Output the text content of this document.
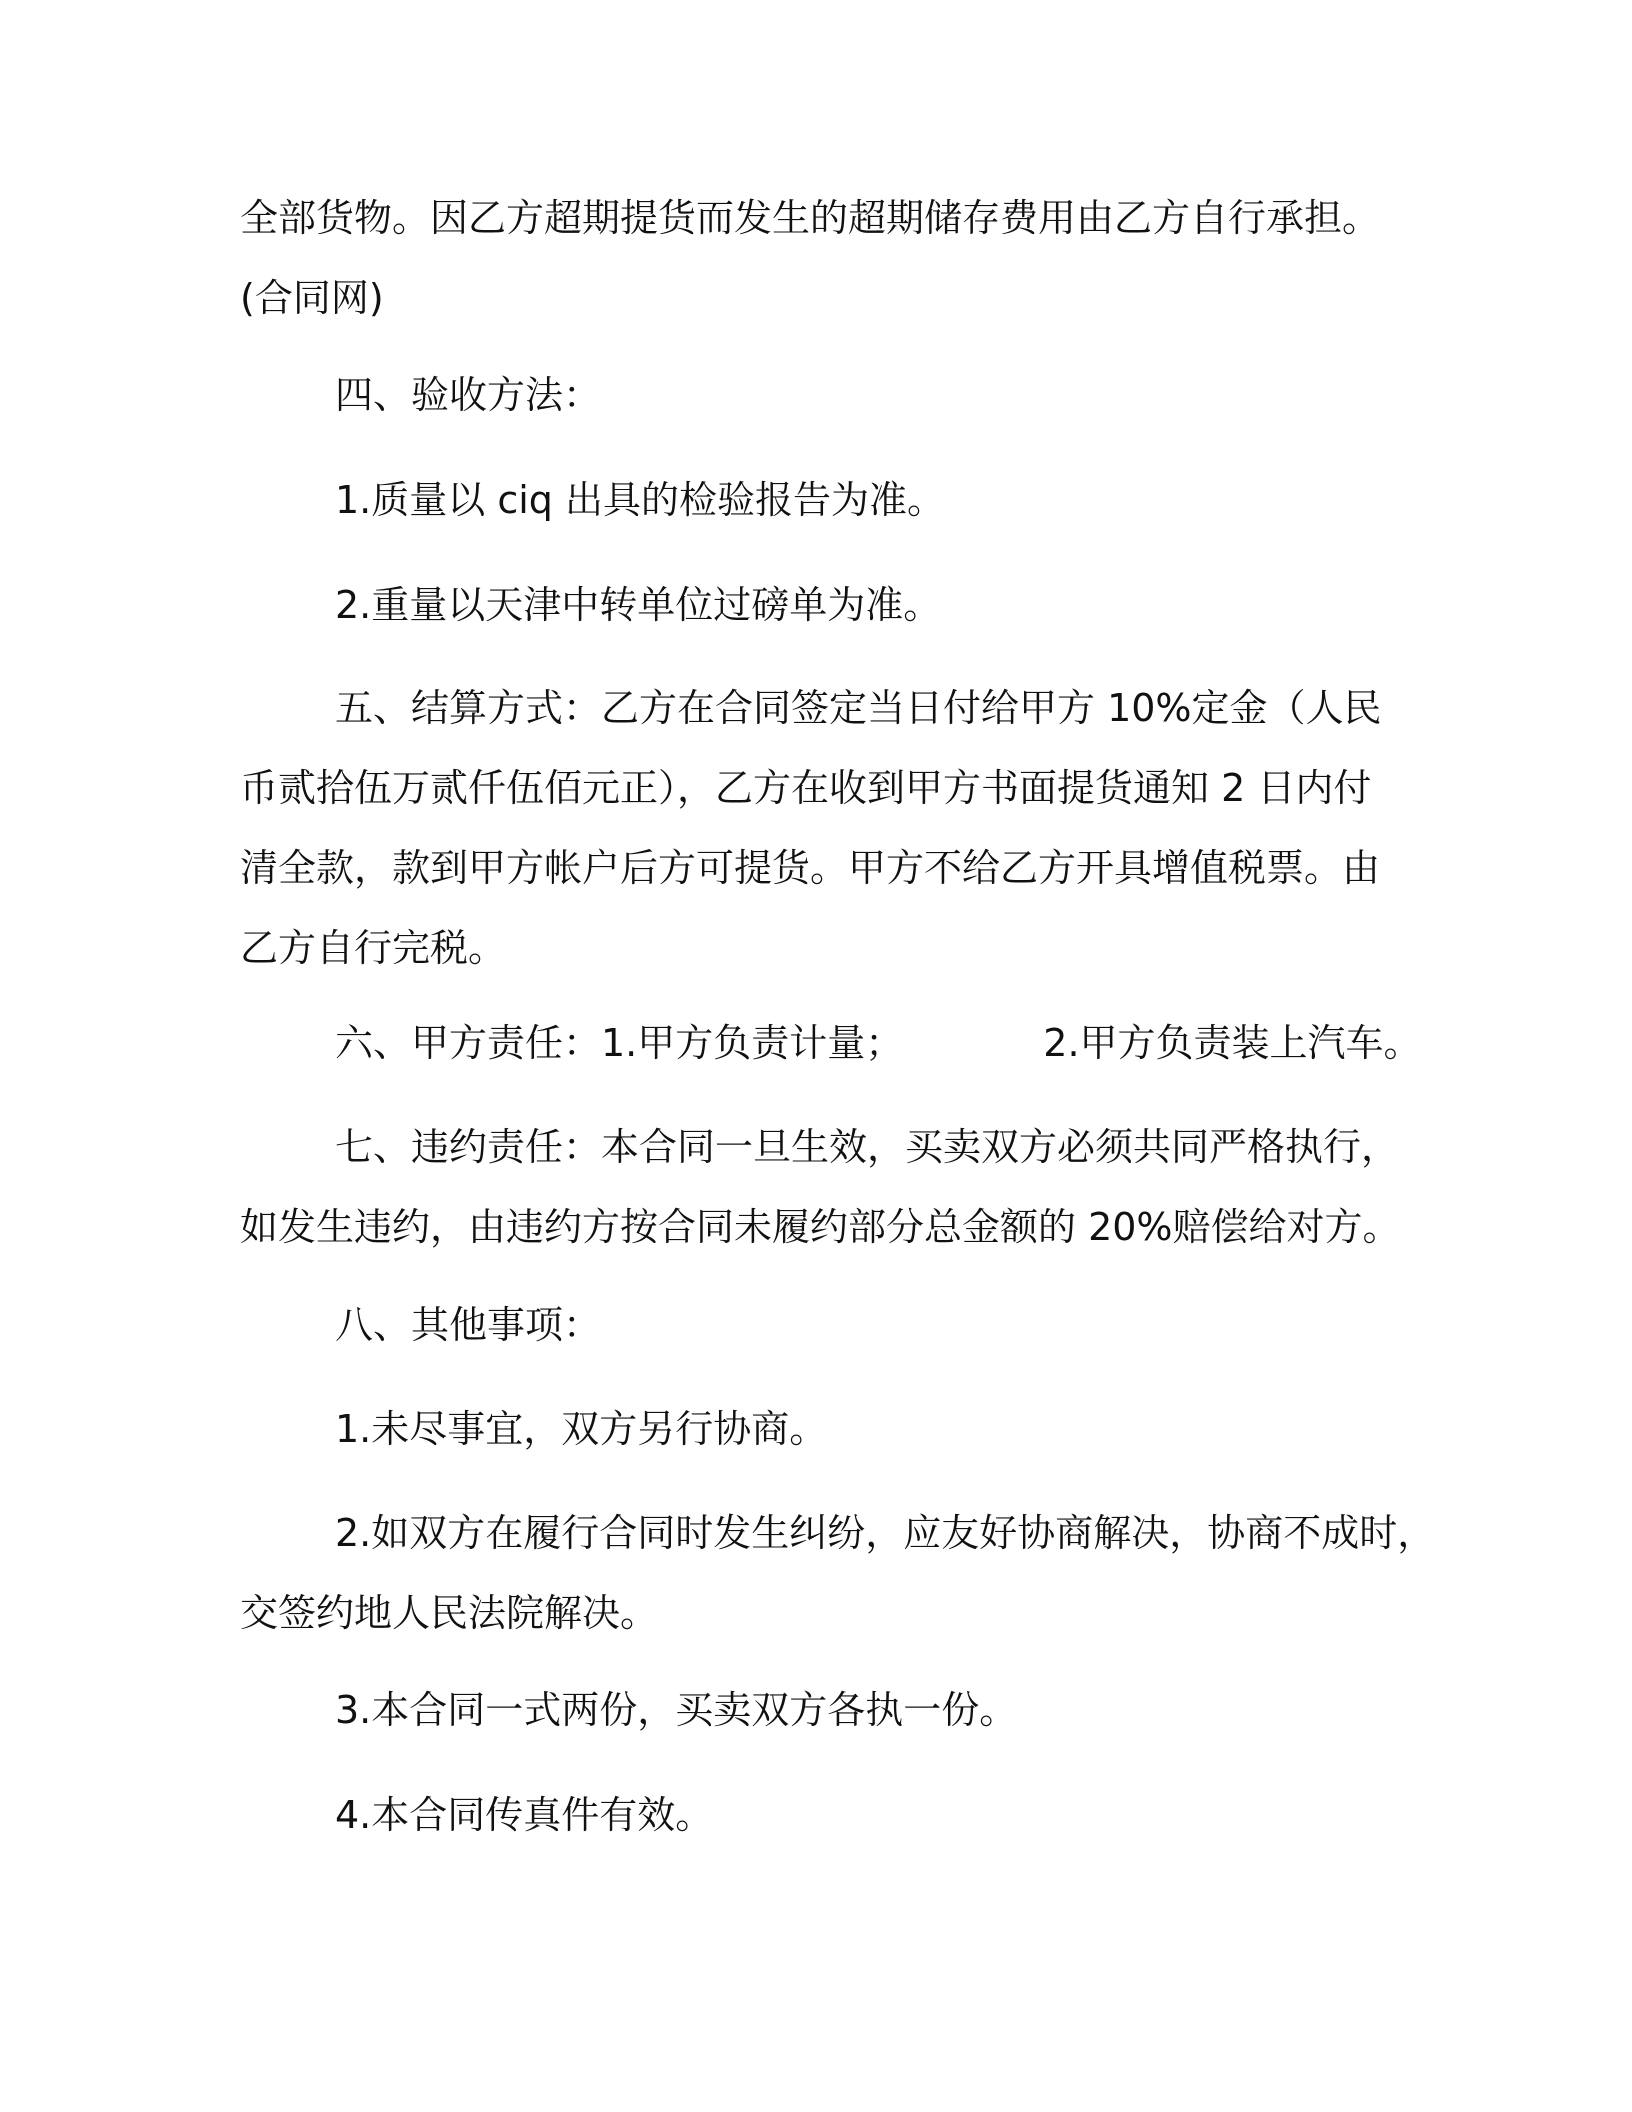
全部货物。因乙方超期提货而发生的超期储存费用由乙方自行承担。
(合同网)

四、验收方法：

1.质量以 ciq 出具的检验报告为准。

2.重量以天津中转单位过磅单为准。

五、结算方式：乙方在合同签定当日付给甲方 10%定金（人民
币贰拾伍万贰仟伍佰元正），乙方在收到甲方书面提货通知 2 日内付
清全款，款到甲方帐户后方可提货。甲方不给乙方开具增值税票。由
乙方自行完税。

六、甲方责任：1.甲方负责计量；	2.甲方负责装上汽车。

七、违约责任：本合同一旦生效，买卖双方必须共同严格执行，
如发生违约，由违约方按合同未履约部分总金额的 20%赔偿给对方。

八、其他事项：

1.未尽事宜，双方另行协商。

2.如双方在履行合同时发生纠纷，应友好协商解决，协商不成时，
交签约地人民法院解决。

3.本合同一式两份，买卖双方各执一份。

4.本合同传真件有效。
